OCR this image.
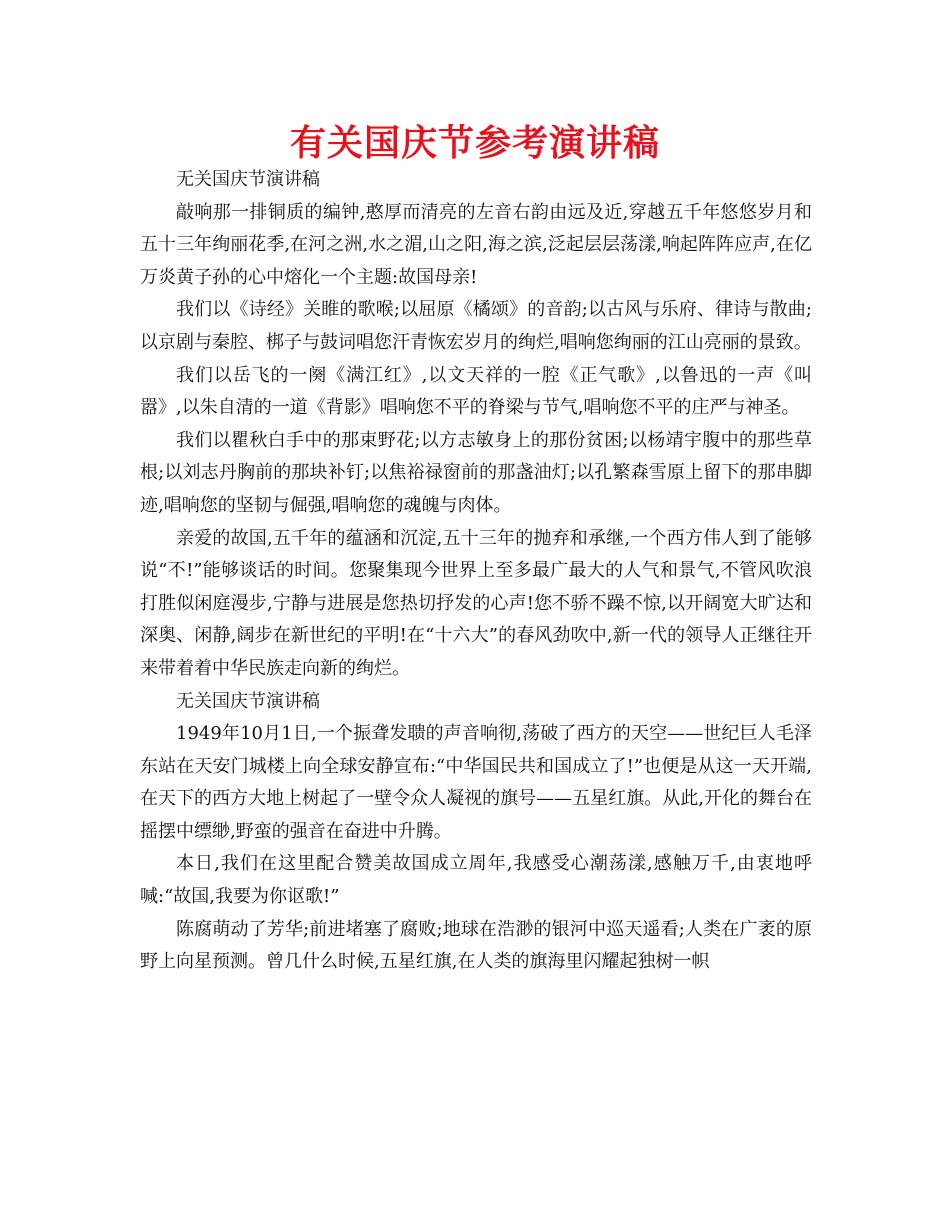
有关国庆节参考演讲稿

无关国庆节演讲稿

敲响那一排铜质的编钟,憨厚而清亮的左音右韵由远及近,穿越五千年悠悠岁月和五十三年绚丽花季,在河之洲,水之湄,山之阳,海之滨,泛起层层荡漾,响起阵阵应声,在亿万炎黄子孙的心中熔化一个主题:故国母亲!

我们以《诗经》关睢的歌喉;以屈原《橘颂》的音韵;以古风与乐府、律诗与散曲;以京剧与秦腔、梆子与鼓词唱您汗青恢宏岁月的绚烂,唱响您绚丽的江山亮丽的景致。

我们以岳飞的一阕《满江红》,以文天祥的一腔《正气歌》,以鲁迅的一声《叫嚣》,以朱自清的一道《背影》唱响您不平的脊梁与节气,唱响您不平的庄严与神圣。

我们以瞿秋白手中的那束野花;以方志敏身上的那份贫困;以杨靖宇腹中的那些草根;以刘志丹胸前的那块补钉;以焦裕禄窗前的那盏油灯;以孔繁森雪原上留下的那串脚迹,唱响您的坚韧与倔强,唱响您的魂魄与肉体。

亲爱的故国,五千年的蕴涵和沉淀,五十三年的抛弃和承继,一个西方伟人到了能够说“不!”能够谈话的时间。您聚集现今世界上至多最广最大的人气和景气,不管风吹浪打胜似闲庭漫步,宁静与进展是您热切抒发的心声!您不骄不躁不惊,以开阔宽大旷达和深奥、闲静,阔步在新世纪的平明!在“十六大”的春风劲吹中,新一代的领导人正继往开来带着着中华民族走向新的绚烂。

无关国庆节演讲稿

1949年10月1日,一个振聋发聩的声音响彻,荡破了西方的天空——世纪巨人毛泽东站在天安门城楼上向全球安静宣布:“中华国民共和国成立了!”也便是从这一天开端,在天下的西方大地上树起了一壁令众人凝视的旗号——五星红旗。从此,开化的舞台在摇摆中缥缈,野蛮的强音在奋进中升腾。

本日,我们在这里配合赞美故国成立周年,我感受心潮荡漾,感触万千,由衷地呼喊:“故国,我要为你讴歌!”

陈腐萌动了芳华;前进堵塞了腐败;地球在浩渺的银河中巡天遥看;人类在广袤的原野上向星预测。曾几什么时候,五星红旗,在人类的旗海里闪耀起独树一帜
